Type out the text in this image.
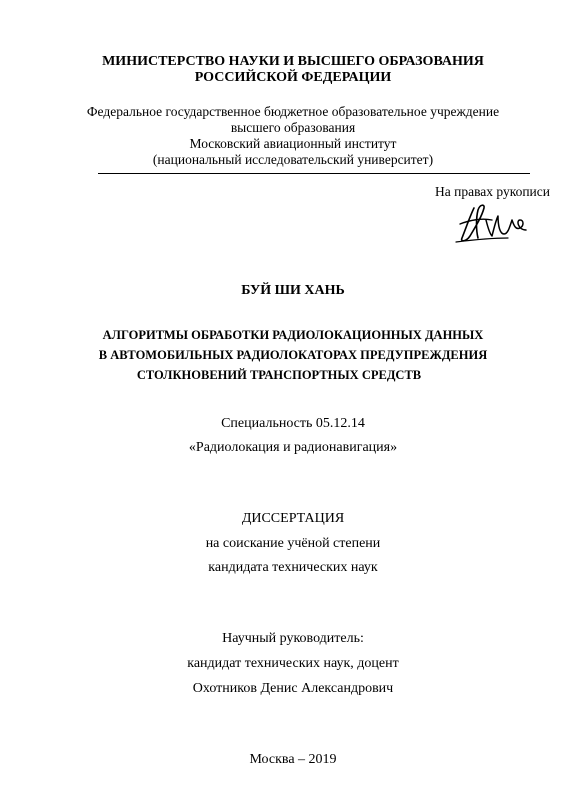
МИНИСТЕРСТВО НАУКИ И ВЫСШЕГО ОБРАЗОВАНИЯ
РОССИЙСКОЙ ФЕДЕРАЦИИ
Федеральное государственное бюджетное образовательное учреждение
высшего образования
Московский авиационный институт
(национальный исследовательский университет)
На правах рукописи
БУЙ ШИ ХАНЬ
АЛГОРИТМЫ ОБРАБОТКИ РАДИОЛОКАЦИОННЫХ ДАННЫХ
В АВТОМОБИЛЬНЫХ РАДИОЛОКАТОРАХ ПРЕДУПРЕЖДЕНИЯ
СТОЛКНОВЕНИЙ ТРАНСПОРТНЫХ СРЕДСТВ
Специальность 05.12.14
«Радиолокация и радионавигация»
ДИССЕРТАЦИЯ
на соискание учёной степени
кандидата технических наук
Научный руководитель:
кандидат технических наук, доцент
Охотников Денис Александрович
Москва – 2019
